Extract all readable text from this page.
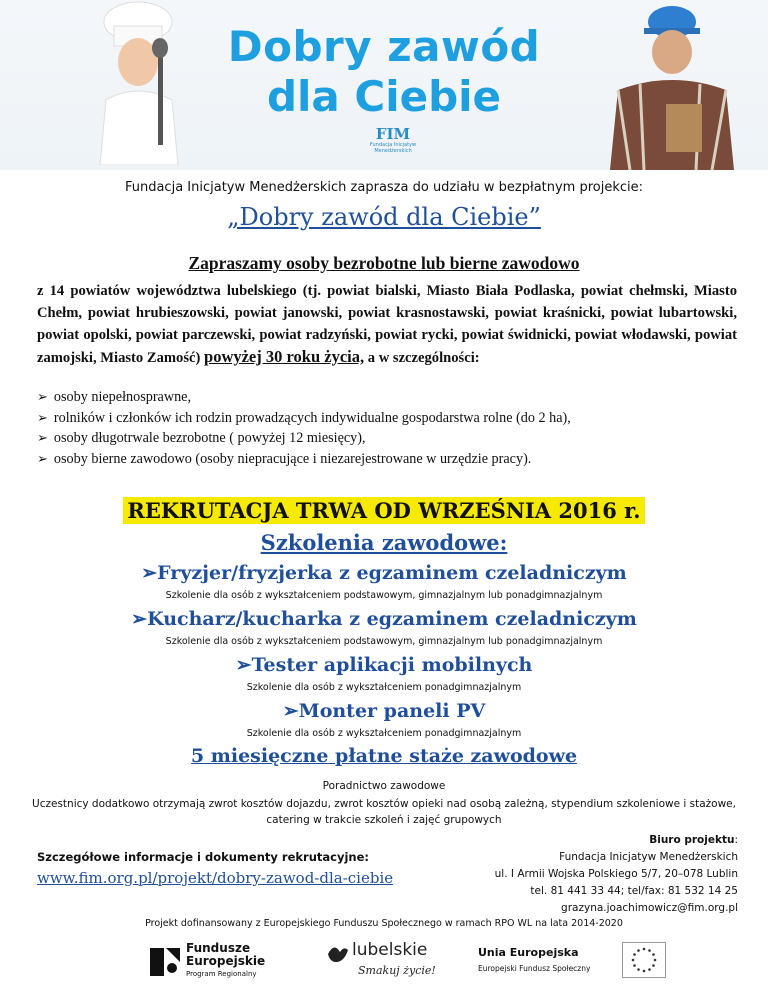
Dobry zawód
dla Ciebie
FIM
Fundacja Inicjatyw Menedżerskich
Fundacja Inicjatyw Menedżerskich zaprasza do udziału w bezpłatnym projekcie:
„Dobry zawód dla Ciebie”
Zapraszamy osoby bezrobotne lub bierne zawodowo
z 14 powiatów województwa lubelskiego (tj. powiat bialski, Miasto Biała Podlaska, powiat chełmski, Miasto Chełm, powiat hrubieszowski, powiat janowski, powiat krasnostawski, powiat kraśnicki, powiat lubartowski, powiat opolski, powiat parczewski, powiat radzyński, powiat rycki, powiat świdnicki, powiat włodawski, powiat zamojski, Miasto Zamość) powyżej 30 roku życia, a w szczególności:
➢ osoby niepełnosprawne,
➢ rolników i członków ich rodzin prowadzących indywidualne gospodarstwa rolne (do 2 ha),
➢ osoby długotrwale bezrobotne ( powyżej 12 miesięcy),
➢ osoby bierne zawodowo (osoby niepracujące i niezarejestrowane w urzędzie pracy).
REKRUTACJA TRWA OD WRZEŚNIA 2016 r.
Szkolenia zawodowe:
➢ Fryzjer/fryzjerka z egzaminem czeladniczym
Szkolenie dla osób z wykształceniem podstawowym, gimnazjalnym lub ponadgimnazjalnym
➢ Kucharz/kucharka z egzaminem czeladniczym
Szkolenie dla osób z wykształceniem podstawowym, gimnazjalnym lub ponadgimnazjalnym
➢ Tester aplikacji mobilnych
Szkolenie dla osób z wykształceniem ponadgimnazjalnym
➢ Monter paneli PV
Szkolenie dla osób z wykształceniem ponadgimnazjalnym
5 miesięczne płatne staże zawodowe
Poradnictwo zawodowe
Uczestnicy dodatkowo otrzymają zwrot kosztów dojazdu, zwrot kosztów opieki nad osobą zależną, stypendium szkoleniowe i stażowe, catering w trakcie szkoleń i zajęć grupowych
Szczegółowe informacje i dokumenty rekrutacyjne:
www.fim.org.pl/projekt/dobry-zawod-dla-ciebie
Biuro projektu:
Fundacja Inicjatyw Menedżerskich
ul. I Armii Wojska Polskiego 5/7, 20–078 Lublin
tel. 81 441 33 44; tel/fax: 81 532 14 25
grazyna.joachimowicz@fim.org.pl
Projekt dofinansowany z Europejskiego Funduszu Społecznego w ramach RPO WL na lata 2014-2020
Fundusze
Europejskie
Program Regionalny
lubelskie
Smakuj życie!
Unia Europejska
Europejski Fundusz Społeczny
